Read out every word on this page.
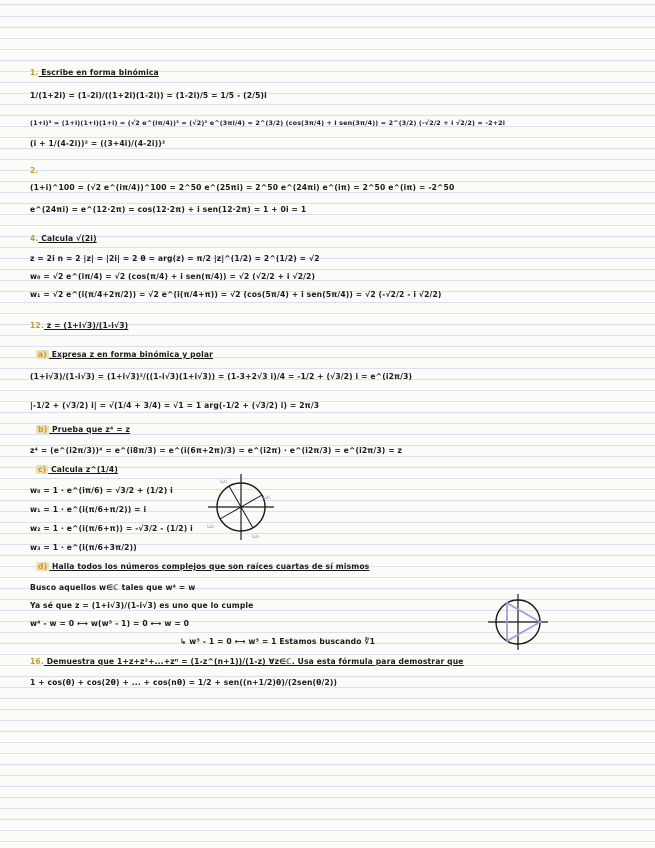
1. Escribe en forma binómica
1/(1+2i) = (1-2i)/((1+2i)(1-2i)) = (1-2i)/5 = 1/5 - (2/5)i
(1+i)³ = (1+i)(1+i)(1+i) = (√2 e^(iπ/4))³ = (√2)³ e^(3πi/4) = 2^(3/2) (cos(3π/4) + i sen(3π/4)) = 2^(3/2) (-√2/2 + i √2/2) = -2+2i
(i + 1/(4-2i))² = ((3+4i)/(4-2i))²
2.
(1+i)^100 = (√2 e^(iπ/4))^100 = 2^50 e^(25πi) = 2^50 e^(24πi) e^(iπ) = 2^50 e^(iπ) = -2^50
e^(24πi) = e^(12·2π) = cos(12·2π) + i sen(12·2π) = 1 + 0i = 1
4. Calcula √(2i)
z = 2i n = 2 |z| = |2i| = 2 θ = arg(z) = π/2 |z|^(1/2) = 2^(1/2) = √2
w₀ = √2 e^(iπ/4) = √2 (cos(π/4) + i sen(π/4)) = √2 (√2/2 + i √2/2)
w₁ = √2 e^(i(π/4+2π/2)) = √2 e^(i(π/4+π)) = √2 (cos(5π/4) + i sen(5π/4)) = √2 (-√2/2 - i √2/2)
12. z = (1+i√3)/(1-i√3)
a) Expresa z en forma binómica y polar
(1+i√3)/(1-i√3) = (1+i√3)²/((1-i√3)(1+i√3)) = (1-3+2√3 i)/4 = -1/2 + (√3/2) i = e^(i2π/3)
|-1/2 + (√3/2) i| = √(1/4 + 3/4) = √1 = 1 arg(-1/2 + (√3/2) i) = 2π/3
b) Prueba que z⁴ = z
z⁴ = (e^(i2π/3))⁴ = e^(i8π/3) = e^(i(6π+2π)/3) = e^(i2π) · e^(i2π/3) = e^(i2π/3) = z
c) Calcula z^(1/4)
w₀ = 1 · e^(iπ/6) = √3/2 + (1/2) i
w₁ = 1 · e^(i(π/6+π/2)) = i
w₂ = 1 · e^(i(π/6+π)) = -√3/2 - (1/2) i
w₃ = 1 · e^(i(π/6+3π/2))
d) Halla todos los números complejos que son raíces cuartas de sí mismos
Busco aquellos w∈ℂ tales que w⁴ = w
Ya sé que z = (1+i√3)/(1-i√3) es uno que lo cumple
w⁴ - w = 0 ⟷ w(w³ - 1) = 0 ⟷ w = 0
↳ w³ - 1 = 0 ⟷ w³ = 1 Estamos buscando ∛1
16. Demuestra que 1+z+z²+...+zⁿ = (1-z^(n+1))/(1-z) ∀z∈ℂ. Usa esta fórmula para demostrar que
1 + cos(θ) + cos(2θ) + ... + cos(nθ) = 1/2 + sen((n+1/2)θ)/(2sen(θ/2))
ω₁
ω₀
ω₂
ω₃
